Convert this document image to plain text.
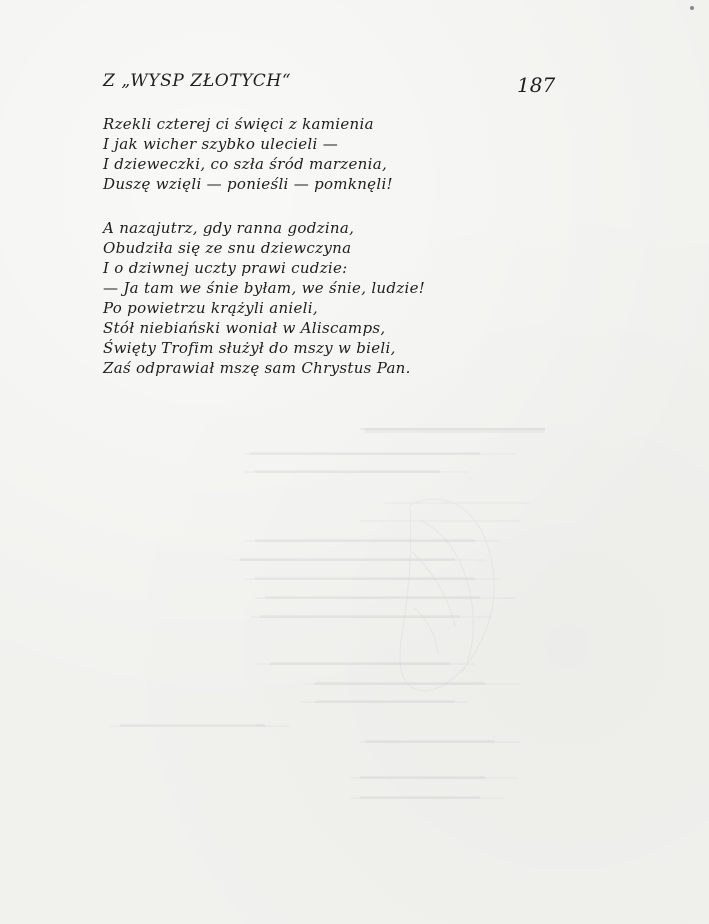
Z „WYSP ZŁOTYCH“	187

Rzekli czterej ci święci z kamienia
I jak wicher szybko ulecieli —
I dzieweczki, co szła śród marzenia,
Duszę wzięli — ponieśli — pomknęli!

A nazajutrz, gdy ranna godzina,
Obudziła się ze snu dziewczyna
I o dziwnej uczty prawi cudzie:
— Ja tam we śnie byłam, we śnie, ludzie!
Po powietrzu krążyli anieli,
Stół niebiański woniał w Aliscamps,
Święty Trofim służył do mszy w bieli,
Zaś odprawiał mszę sam Chrystus Pan.
